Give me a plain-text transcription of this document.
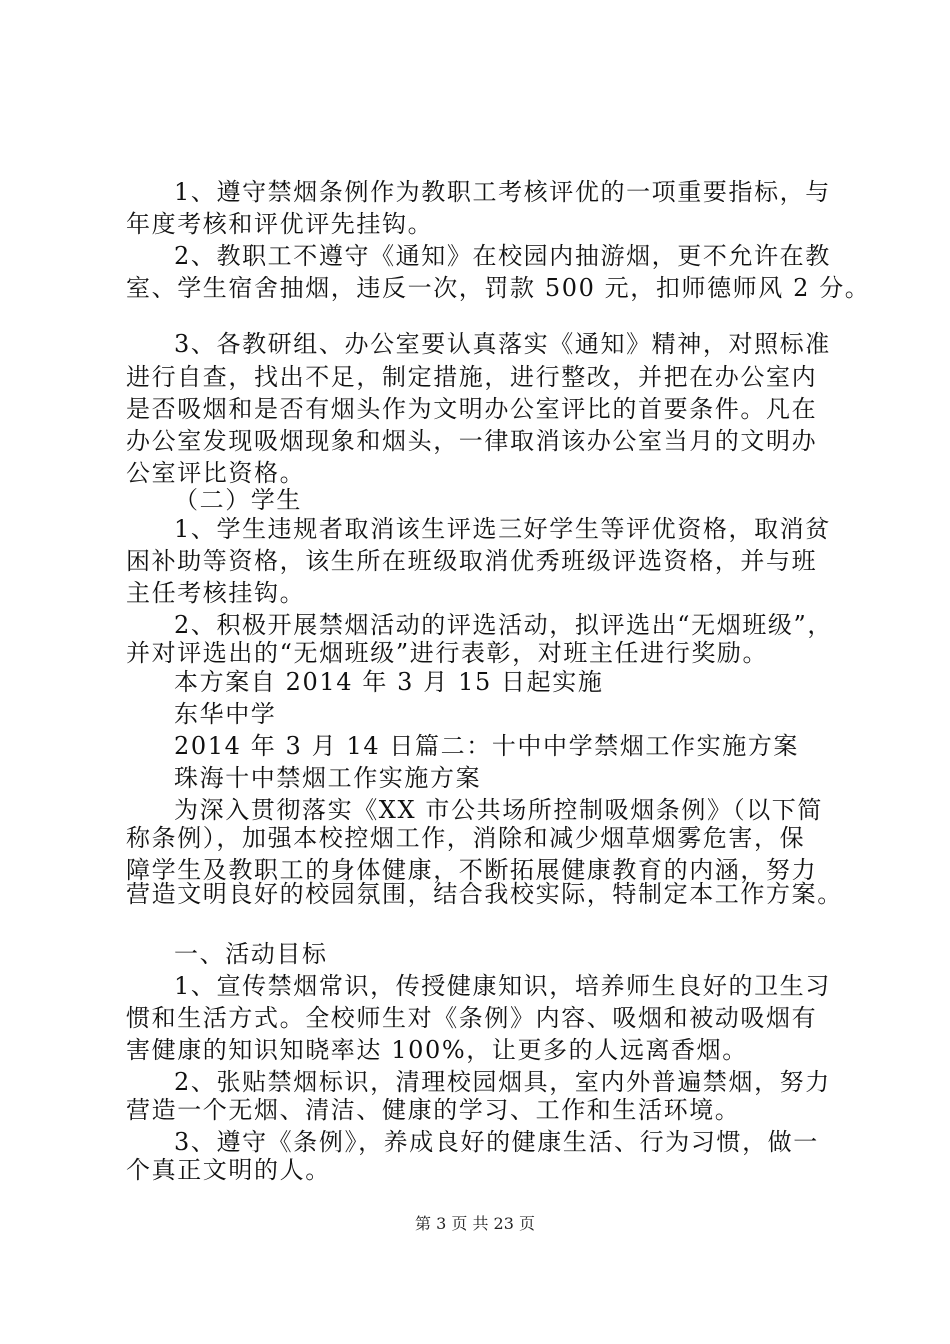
1、遵守禁烟条例作为教职工考核评优的一项重要指标，与
年度考核和评优评先挂钩。
2、教职工不遵守《通知》在校园内抽游烟，更不允许在教
室、学生宿舍抽烟，违反一次，罚款 500 元，扣师德师风 2 分。
3、各教研组、办公室要认真落实《通知》精神，对照标准
进行自查，找出不足，制定措施，进行整改，并把在办公室内
是否吸烟和是否有烟头作为文明办公室评比的首要条件。凡在
办公室发现吸烟现象和烟头，一律取消该办公室当月的文明办
公室评比资格。
（二）学生
1、学生违规者取消该生评选三好学生等评优资格，取消贫
困补助等资格，该生所在班级取消优秀班级评选资格，并与班
主任考核挂钩。
2、积极开展禁烟活动的评选活动，拟评选出“无烟班级”，
并对评选出的“无烟班级”进行表彰，对班主任进行奖励。
本方案自 2014 年 3 月 15 日起实施
东华中学
2014 年 3 月 14 日篇二：十中中学禁烟工作实施方案
珠海十中禁烟工作实施方案
为深入贯彻落实《XX 市公共场所控制吸烟条例》（以下简
称条例），加强本校控烟工作，消除和减少烟草烟雾危害，保
障学生及教职工的身体健康，不断拓展健康教育的内涵，努力
营造文明良好的校园氛围，结合我校实际，特制定本工作方案。
一、活动目标
1、宣传禁烟常识，传授健康知识，培养师生良好的卫生习
惯和生活方式。全校师生对《条例》内容、吸烟和被动吸烟有
害健康的知识知晓率达 100%，让更多的人远离香烟。
2、张贴禁烟标识，清理校园烟具，室内外普遍禁烟，努力
营造一个无烟、清洁、健康的学习、工作和生活环境。
3、遵守《条例》，养成良好的健康生活、行为习惯，做一
个真正文明的人。
第 3 页 共 23 页
